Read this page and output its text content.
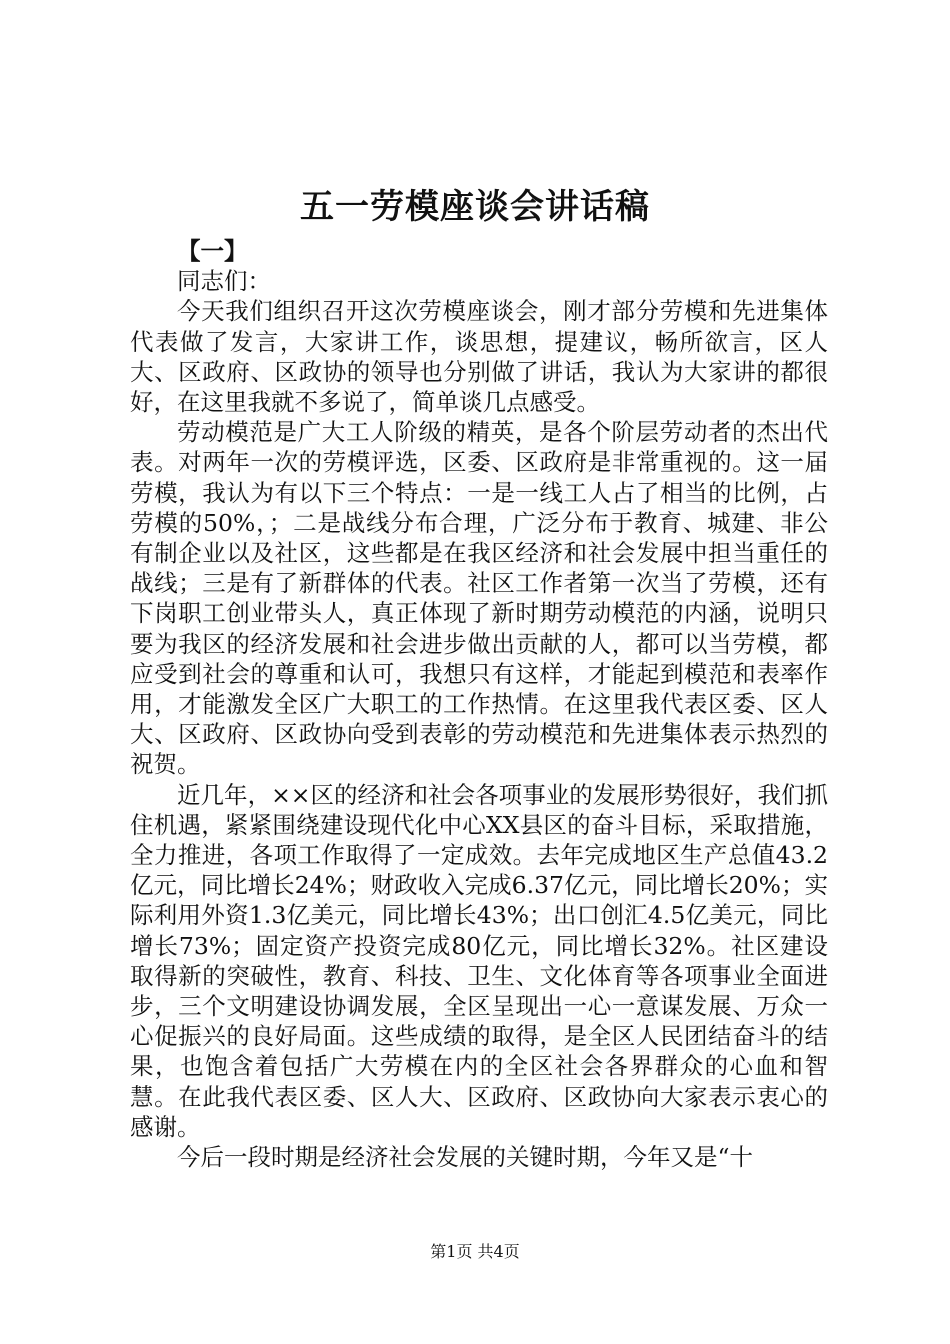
五一劳模座谈会讲话稿

【一】

同志们：

今天我们组织召开这次劳模座谈会，刚才部分劳模和先进集体代表做了发言，大家讲工作，谈思想，提建议，畅所欲言，区人大、区政府、区政协的领导也分别做了讲话，我认为大家讲的都很好，在这里我就不多说了，简单谈几点感受。

劳动模范是广大工人阶级的精英，是各个阶层劳动者的杰出代表。对两年一次的劳模评选，区委、区政府是非常重视的。这一届劳模，我认为有以下三个特点：一是一线工人占了相当的比例，占劳模的50%，；二是战线分布合理，广泛分布于教育、城建、非公有制企业以及社区，这些都是在我区经济和社会发展中担当重任的战线；三是有了新群体的代表。社区工作者第一次当了劳模，还有下岗职工创业带头人，真正体现了新时期劳动模范的内涵，说明只要为我区的经济发展和社会进步做出贡献的人，都可以当劳模，都应受到社会的尊重和认可，我想只有这样，才能起到模范和表率作用，才能激发全区广大职工的工作热情。在这里我代表区委、区人大、区政府、区政协向受到表彰的劳动模范和先进集体表示热烈的祝贺。

近几年，××区的经济和社会各项事业的发展形势很好，我们抓住机遇，紧紧围绕建设现代化中心XX县区的奋斗目标，采取措施，全力推进，各项工作取得了一定成效。去年完成地区生产总值43.2亿元，同比增长24%；财政收入完成6.37亿元，同比增长20%；实际利用外资1.3亿美元，同比增长43%；出口创汇4.5亿美元，同比增长73%；固定资产投资完成80亿元，同比增长32%。社区建设取得新的突破性，教育、科技、卫生、文化体育等各项事业全面进步，三个文明建设协调发展，全区呈现出一心一意谋发展、万众一心促振兴的良好局面。这些成绩的取得，是全区人民团结奋斗的结果，也饱含着包括广大劳模在内的全区社会各界群众的心血和智慧。在此我代表区委、区人大、区政府、区政协向大家表示衷心的感谢。

今后一段时期是经济社会发展的关键时期，今年又是“十

第1页 共4页
